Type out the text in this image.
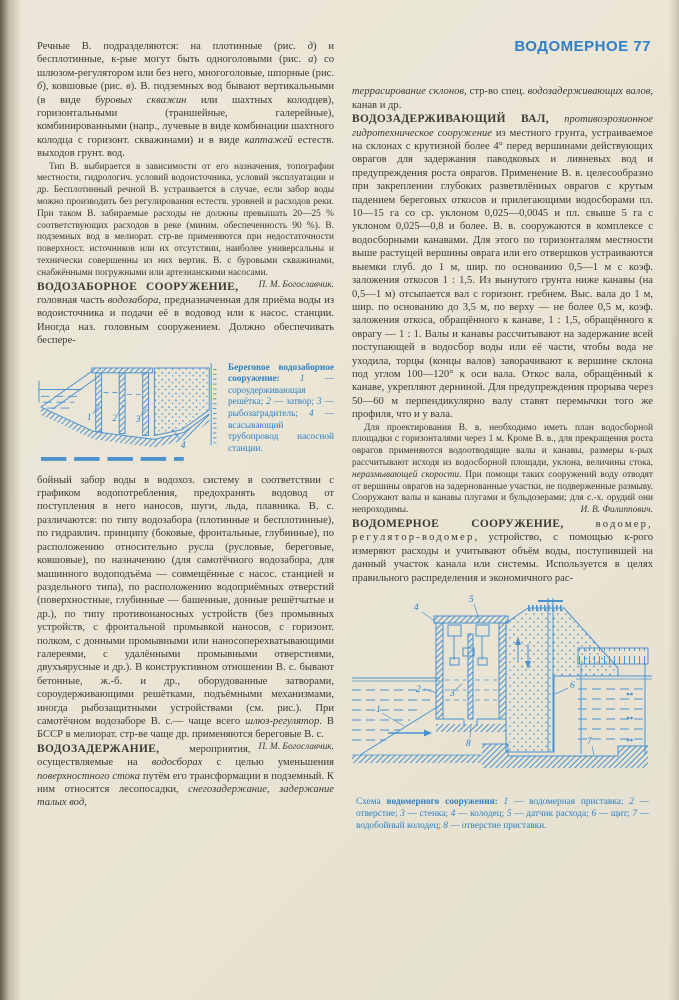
Речные В. подразделяются: на плотинные (рис. д) и бесплотинные, к-рые могут быть одноголовыми (рис. а) со шлюзом-регулятором или без него, многоголовые, шпорные (рис. б), ковшовые (рис. в). В. подземных вод бывают вертикальными (в виде буровых скважин или шахтных колодцев), горизонтальными (траншейные, галерейные), комбинированными (напр., лучевые в виде комбинации шахтного колодца с горизонт. скважинами) и в виде каптажей естеств. выходов грунт. вод.

Тип В. выбирается в зависимости от его назначения, топографии местности, гидрологич. условий водоисточника, условий эксплуатации и др. Бесплотинный речной В. устраивается в случае, если забор воды можно производить без регулирования естеств. уровней и расходов реки. При таком В. забираемые расходы не должны превышать 20—25 % соответствующих расходов в реке (миним. обеспеченность 90 %). В. подземных вод в мелиорат. стр-ве применяются при недостаточности поверхност. источников или их отсутствии, наиболее универсальны и технически совершенны из них вертик. В. с буровыми скважинами, снабжёнными погружными или артезианскими насосами.
П. М. Богославчик.

ВОДОЗАБОРНОЕ СООРУЖЕНИЕ, головная часть водозабора, предназначенная для приёма воды из водоисточника и подачи её в водовод или к насос. станции. Иногда наз. головным сооружением. Должно обеспечивать беспере-

1 2 3
4
Береговое водозаборное сооружение: 1 — сороудерживающая решётка; 2 — затвор; 3 — рыбозаградитель; 4 — всасывающий трубопровод насосной станции.

бойный забор воды в водохоз. систему в соответствии с графиком водопотребления, предохранять водовод от поступления в него наносов, шуги, льда, плавника. В. с. различаются: по типу водозабора (плотинные и бесплотинные), по гидравлич. принципу (боковые, фронтальные, глубинные), по расположению относительно русла (русловые, береговые, ковшовые), по назначению (для самотёчного водозабора, для машинного водоподъёма — совмещённые с насос. станцией и раздельного типа), по расположению водоприёмных отверстий (поверхностные, глубинные — башенные, донные решётчатые и др.), по типу противонаносных устройств (без промывных устройств, с фронтальной промывкой наносов, с горизонт. полком, с донными промывными или наносоперехватывающими галереями, с удалёнными промывными отверстиями, двухъярусные и др.). В конструктивном отношении В. с. бывают бетонные, ж.-б. и др., оборудованные затворами, сороудерживающими решётками, подъёмными механизмами, иногда рыбозащитными устройствами (см. рис.). При самотёчном водозаборе В. с.— чаще всего шлюз-регулятор. В БССР в мелиорат. стр-ве чаще др. применяются береговые В. с.
П. М. Богославчик.

ВОДОЗАДЕРЖАНИЕ, мероприятия, осуществляемые на водосборах с целью уменьшения поверхностного стока путём его трансформации в подземный. К ним относятся лесопосадки, снегозадержание, задержание талых вод,

ВОДОМЕРНОЕ 77

террасирование склонов, стр-во спец. водозадерживающих валов, канав и др.

ВОДОЗАДЕРЖИВАЮЩИЙ ВАЛ, противоэрозионное гидротехническое сооружение из местного грунта, устраиваемое на склонах с крутизной более 4° перед вершинами действующих оврагов для задержания паводковых и ливневых вод и предупреждения роста оврагов. Применение В. в. целесообразно при закреплении глубоких разветвлённых оврагов с крутым падением береговых откосов и прилегающими водосборами пл. 10—15 га со ср. уклоном 0,025—0,0045 и пл. свыше 5 га с уклоном 0,025—0,8 и более. В. в. сооружаются в комплексе с водосборными канавами. Для этого по горизонталям местности выше растущей вершины оврага или его отвершков устраиваются выемки глуб. до 1 м, шир. по основанию 0,5—1 м с коэф. заложения откосов 1 : 1,5. Из вынутого грунта ниже канавы (на 0,5—1 м) отсыпается вал с горизонт. гребнем. Выс. вала до 1 м, шир. по основанию до 3,5 м, по верху — не более 0,5 м, коэф. заложения откоса, обращённого к канаве, 1 : 1,5, обращённого к оврагу — 1 : 1. Валы и канавы рассчитывают на задержание всей поступающей в водосбор воды или её части, чтобы вода не уходила, торцы (концы валов) заворачивают к вершине склона под углом 100—120° к оси вала. Откос вала, обращённый к канаве, укрепляют дерниной. Для предупреждения прорыва через 50—60 м перпендикулярно валу ставят перемычки того же профиля, что и у вала.

Для проектирования В. в. необходимо иметь план водосборной площадки с горизонталями через 1 м. Кроме В. в., для прекращения роста оврагов применяются водоотводящие валы и канавы, размеры к-рых рассчитывают исходя из водосборной площади, уклона, величины стока, неразмывающей скорости. При помощи таких сооружений воду отводят от вершины оврагов на задернованные участки, не подверженные размыву. Сооружают валы и канавы плугами и бульдозерами; для с.-х. орудий они непроходимы.	И. В. Филиппович.

ВОДОМЕРНОЕ СООРУЖЕНИЕ, водомер, регулятор-водомер, устройство, с помощью к-рого измеряют расходы и учитывают объём воды, поступившей на данный участок канала или системы. Используется в целях правильного распределения и экономичного рас-

4
5
2	3
1
8
6
7
Схема водомерного сооружения: 1 — водомерная приставка; 2 — отверстие; 3 — стенка; 4 — колодец; 5 — датчик расхода; 6 — щит; 7 — водобойный колодец; 8 — отверстие приставки.
